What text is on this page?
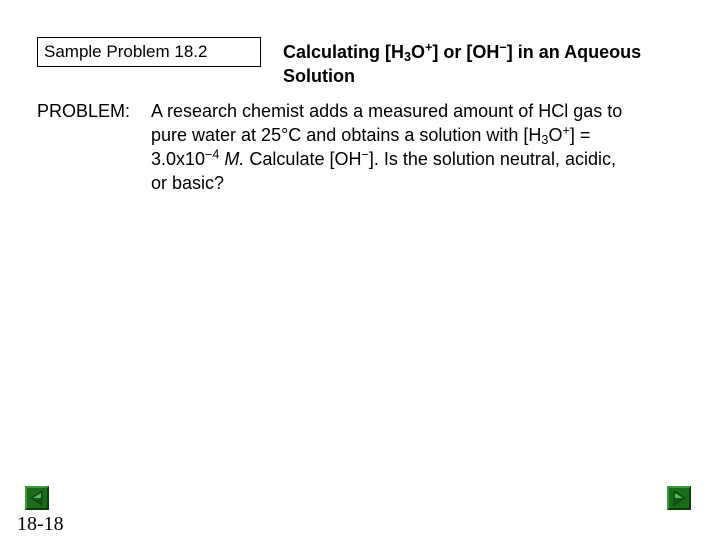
Sample Problem 18.2	Calculating $[H_3O^+]$ or [OH−] in an Aqueous Solution
PROBLEM: A research chemist adds a measured amount of HCl gas to pure water at 25°C and obtains a solution with $[H_3O^+] = 3.0x10^{-4}$ M. Calculate [OH−]. Is the solution neutral, acidic, or basic?
18-18
